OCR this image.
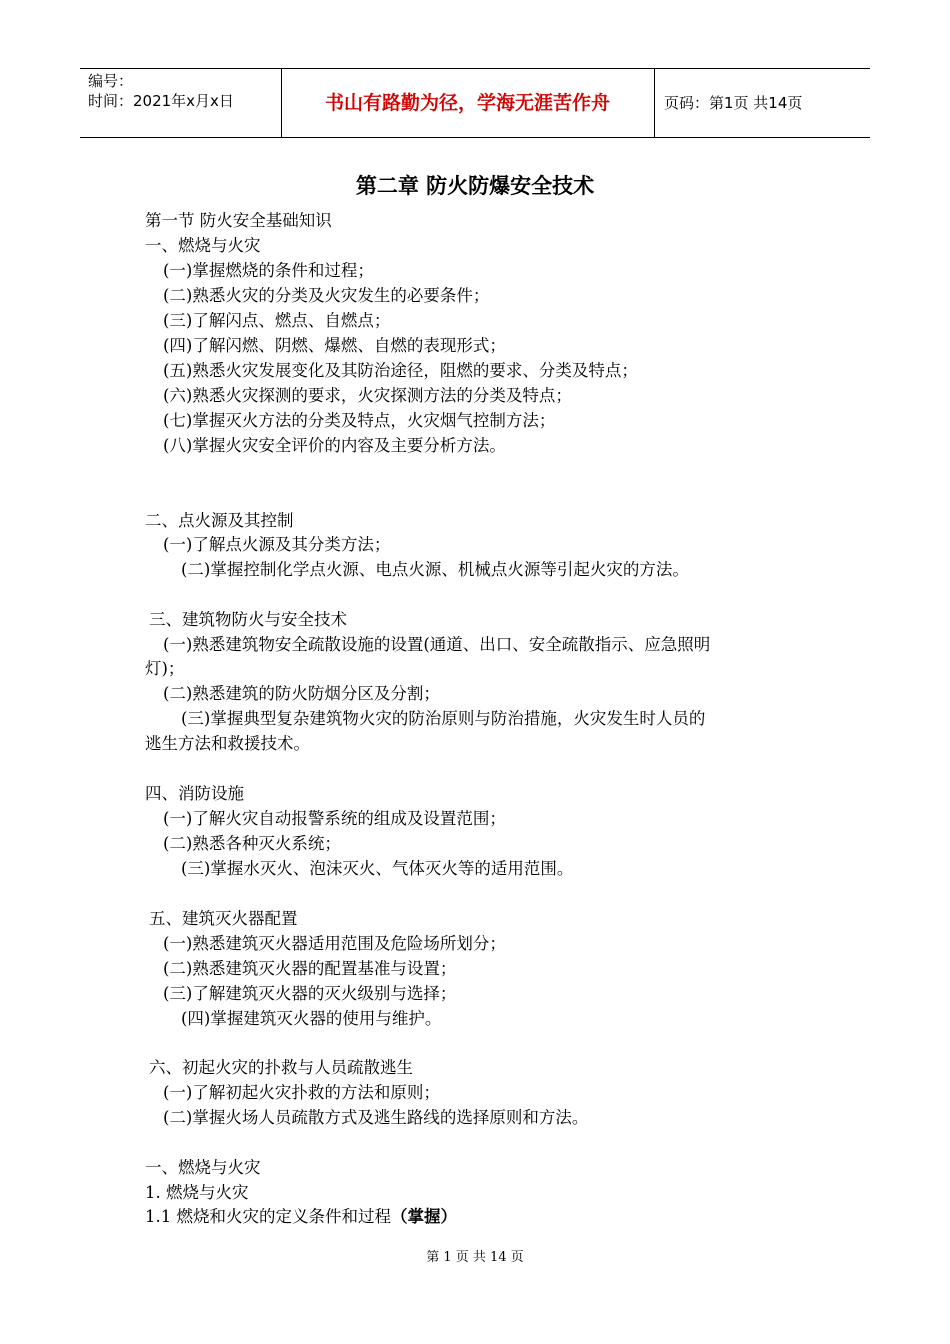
编号：
时间：2021年x月x日	书山有路勤为径，学海无涯苦作舟	页码：第1页 共14页
第二章 防火防爆安全技术
第一节 防火安全基础知识
一、燃烧与火灾
(一)掌握燃烧的条件和过程；
(二)熟悉火灾的分类及火灾发生的必要条件；
(三)了解闪点、燃点、自燃点；
(四)了解闪燃、阴燃、爆燃、自燃的表现形式；
(五)熟悉火灾发展变化及其防治途径，阻燃的要求、分类及特点；
(六)熟悉火灾探测的要求，火灾探测方法的分类及特点；
(七)掌握灭火方法的分类及特点，火灾烟气控制方法；
(八)掌握火灾安全评价的内容及主要分析方法。
二、点火源及其控制
(一)了解点火源及其分类方法；
(二)掌握控制化学点火源、电点火源、机械点火源等引起火灾的方法。
三、建筑物防火与安全技术
(一)熟悉建筑物安全疏散设施的设置(通道、出口、安全疏散指示、应急照明
灯)；
(二)熟悉建筑的防火防烟分区及分割；
(三)掌握典型复杂建筑物火灾的防治原则与防治措施，火灾发生时人员的
逃生方法和救援技术。
四、消防设施
(一)了解火灾自动报警系统的组成及设置范围；
(二)熟悉各种灭火系统；
(三)掌握水灭火、泡沫灭火、气体灭火等的适用范围。
五、建筑灭火器配置
(一)熟悉建筑灭火器适用范围及危险场所划分；
(二)熟悉建筑灭火器的配置基准与设置；
(三)了解建筑灭火器的灭火级别与选择；
(四)掌握建筑灭火器的使用与维护。
六、初起火灾的扑救与人员疏散逃生
(一)了解初起火灾扑救的方法和原则；
(二)掌握火场人员疏散方式及逃生路线的选择原则和方法。
一、燃烧与火灾
1. 燃烧与火灾
1.1 燃烧和火灾的定义条件和过程（掌握）
第 1 页 共 14 页
